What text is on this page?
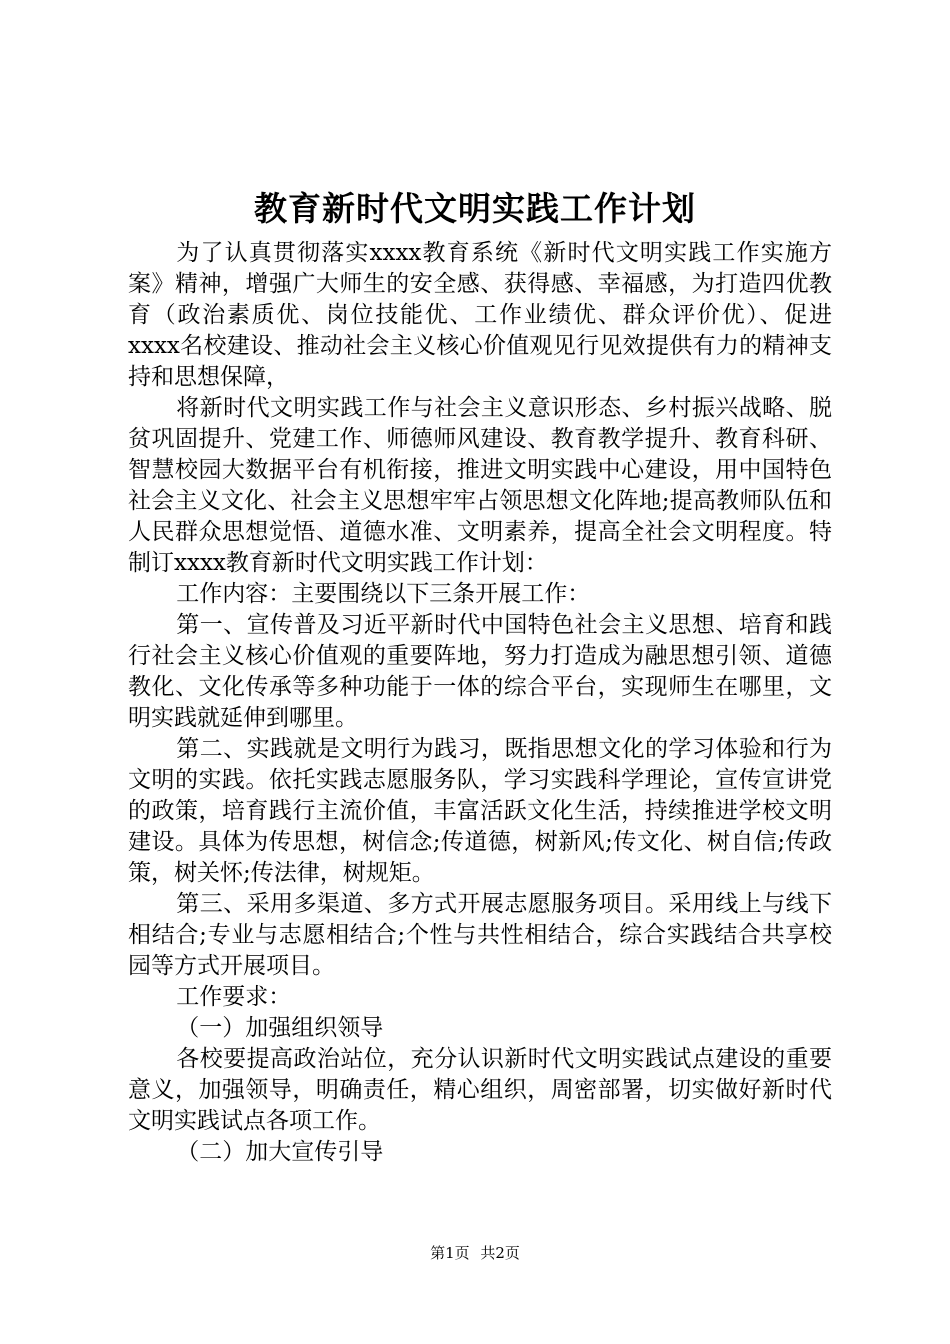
教育新时代文明实践工作计划

为了认真贯彻落实xxxx教育系统《新时代文明实践工作实施方案》精神，增强广大师生的安全感、获得感、幸福感，为打造四优教育（政治素质优、岗位技能优、工作业绩优、群众评价优）、促进xxxx名校建设、推动社会主义核心价值观见行见效提供有力的精神支持和思想保障，

将新时代文明实践工作与社会主义意识形态、乡村振兴战略、脱贫巩固提升、党建工作、师德师风建设、教育教学提升、教育科研、智慧校园大数据平台有机衔接，推进文明实践中心建设，用中国特色社会主义文化、社会主义思想牢牢占领思想文化阵地;提高教师队伍和人民群众思想觉悟、道德水准、文明素养，提高全社会文明程度。特制订xxxx教育新时代文明实践工作计划：

工作内容：主要围绕以下三条开展工作：

第一、宣传普及习近平新时代中国特色社会主义思想、培育和践行社会主义核心价值观的重要阵地，努力打造成为融思想引领、道德教化、文化传承等多种功能于一体的综合平台，实现师生在哪里，文明实践就延伸到哪里。

第二、实践就是文明行为践习，既指思想文化的学习体验和行为文明的实践。依托实践志愿服务队，学习实践科学理论，宣传宣讲党的政策，培育践行主流价值，丰富活跃文化生活，持续推进学校文明建设。具体为传思想，树信念;传道德，树新风;传文化、树自信;传政策，树关怀;传法律，树规矩。

第三、采用多渠道、多方式开展志愿服务项目。采用线上与线下相结合;专业与志愿相结合;个性与共性相结合，综合实践结合共享校园等方式开展项目。

工作要求：

（一）加强组织领导

各校要提高政治站位，充分认识新时代文明实践试点建设的重要意义，加强领导，明确责任，精心组织，周密部署，切实做好新时代文明实践试点各项工作。

（二）加大宣传引导

第1页 共2页
